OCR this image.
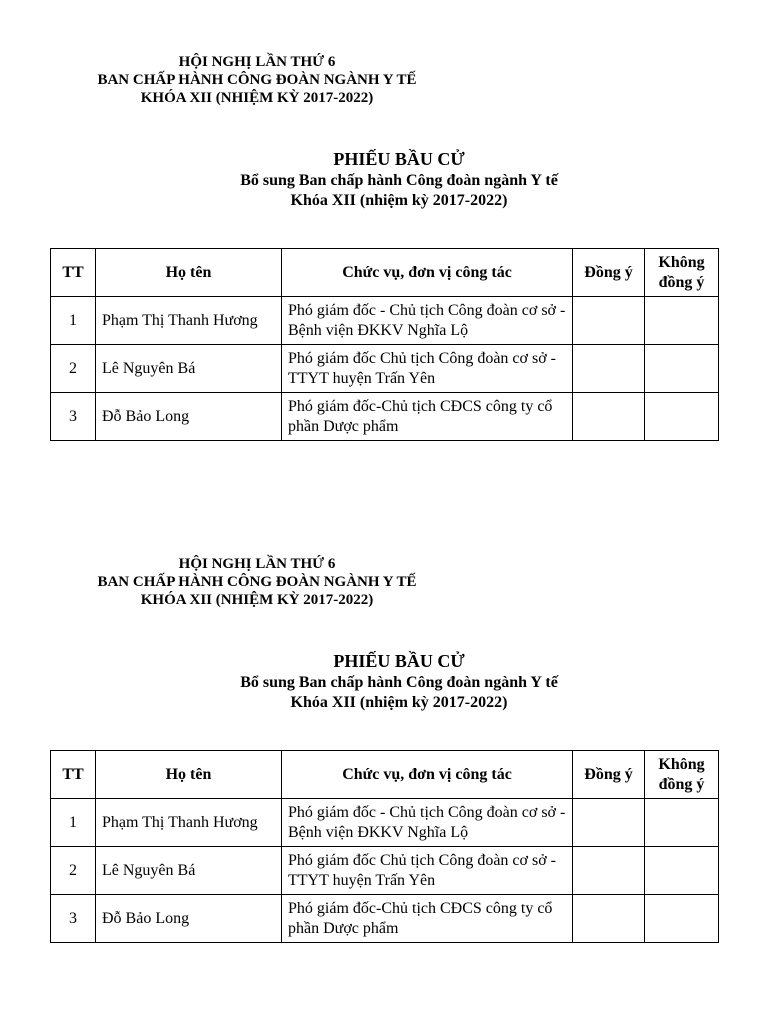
HỘI NGHỊ LẦN THỨ 6
BAN CHẤP HÀNH CÔNG ĐOÀN NGÀNH Y TẾ
KHÓA XII (NHIỆM KỲ 2017-2022)
PHIẾU BẦU CỬ
Bổ sung Ban chấp hành Công đoàn ngành Y tế
Khóa XII (nhiệm kỳ 2017-2022)
TT	Họ tên	Chức vụ, đơn vị công tác	Đồng ý	Không đồng ý
1	Phạm Thị Thanh Hương	Phó giám đốc - Chủ tịch Công đoàn cơ sở - Bệnh viện ĐKKV Nghĩa Lộ		
2	Lê Nguyên Bá	Phó giám đốc Chủ tịch Công đoàn cơ sở - TTYT huyện Trấn Yên		
3	Đỗ Bảo Long	Phó giám đốc-Chủ tịch CĐCS công ty cổ phần Dược phẩm		
HỘI NGHỊ LẦN THỨ 6
BAN CHẤP HÀNH CÔNG ĐOÀN NGÀNH Y TẾ
KHÓA XII (NHIỆM KỲ 2017-2022)
PHIẾU BẦU CỬ
Bổ sung Ban chấp hành Công đoàn ngành Y tế
Khóa XII (nhiệm kỳ 2017-2022)
TT	Họ tên	Chức vụ, đơn vị công tác	Đồng ý	Không đồng ý
1	Phạm Thị Thanh Hương	Phó giám đốc - Chủ tịch Công đoàn cơ sở - Bệnh viện ĐKKV Nghĩa Lộ		
2	Lê Nguyên Bá	Phó giám đốc Chủ tịch Công đoàn cơ sở - TTYT huyện Trấn Yên		
3	Đỗ Bảo Long	Phó giám đốc-Chủ tịch CĐCS công ty cổ phần Dược phẩm		
